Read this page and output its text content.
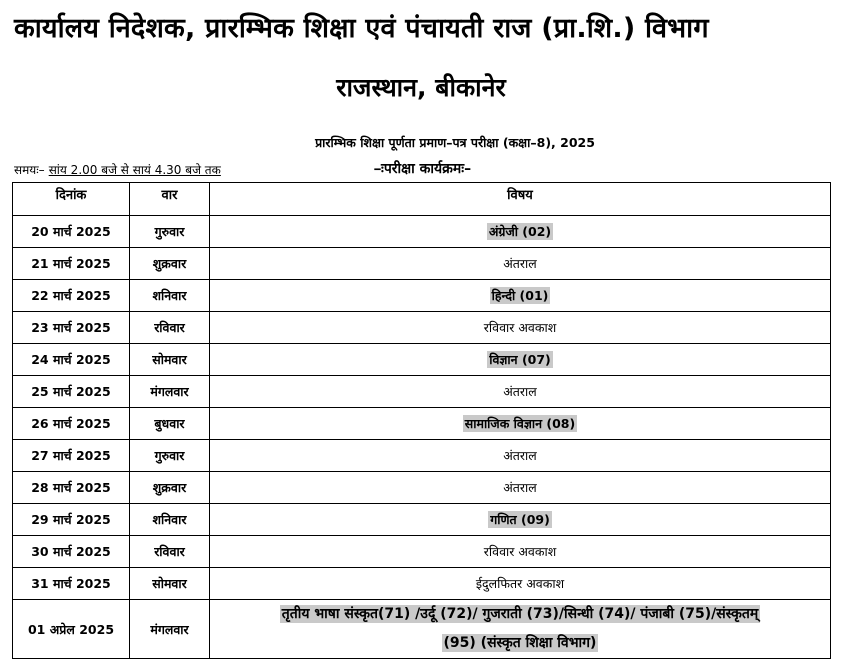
कार्यालय निदेशक, प्रारम्भिक शिक्षा एवं पंचायती राज (प्रा.शि.) विभाग
राजस्थान, बीकानेर
प्रारम्भिक शिक्षा पूर्णता प्रमाण–पत्र परीक्षा (कक्षा–8), 2025
समयः– सांय 2.00 बजे से सायं 4.30 बजे तक	–ःपरीक्षा कार्यक्रमः–
दिनांक	वार	विषय
20 मार्च 2025	गुरुवार	अंग्रेजी (02)
21 मार्च 2025	शुक्रवार	अंतराल
22 मार्च 2025	शनिवार	हिन्दी (01)
23 मार्च 2025	रविवार	रविवार अवकाश
24 मार्च 2025	सोमवार	विज्ञान (07)
25 मार्च 2025	मंगलवार	अंतराल
26 मार्च 2025	बुधवार	सामाजिक विज्ञान (08)
27 मार्च 2025	गुरुवार	अंतराल
28 मार्च 2025	शुक्रवार	अंतराल
29 मार्च 2025	शनिवार	गणित (09)
30 मार्च 2025	रविवार	रविवार अवकाश
31 मार्च 2025	सोमवार	ईदुलफितर अवकाश
01 अप्रेल 2025	मंगलवार	तृतीय भाषा संस्कृत(71) /उर्दू (72)/ गुजराती (73)/सिन्धी (74)/ पंजाबी (75)/संस्कृतम्
(95) (संस्कृत शिक्षा विभाग)
